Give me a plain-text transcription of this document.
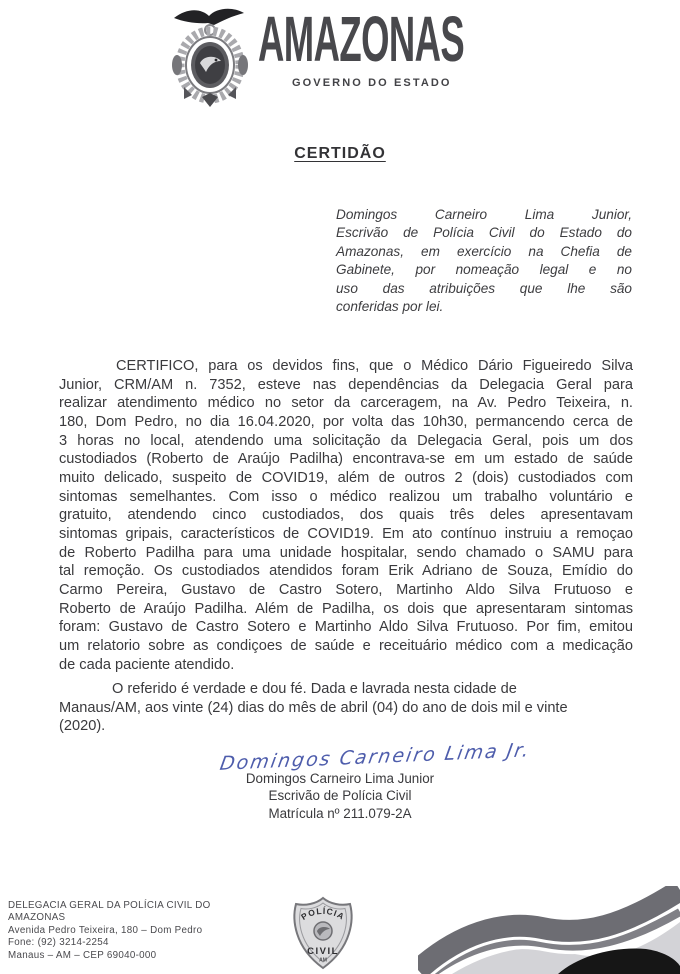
AMAZONAS
GOVERNO DO ESTADO
CERTIDÃO
Domingos Carneiro Lima Junior,
Escrivão de Polícia Civil do Estado do
Amazonas, em exercício na Chefia de
Gabinete, por nomeação legal e no
uso das atribuições que lhe são
conferidas por lei.
CERTIFICO, para os devidos fins, que o Médico Dário Figueiredo Silva
Junior, CRM/AM n. 7352, esteve nas dependências da Delegacia Geral para
realizar atendimento médico no setor da carceragem, na Av. Pedro Teixeira, n.
180, Dom Pedro, no dia 16.04.2020, por volta das 10h30, permancendo cerca de
3 horas no local, atendendo uma solicitação da Delegacia Geral, pois um dos
custodiados (Roberto de Araújo Padilha) encontrava-se em um estado de saúde
muito delicado, suspeito de COVID19, além de outros 2 (dois) custodiados com
sintomas semelhantes. Com isso o médico realizou um trabalho voluntário e
gratuito, atendendo cinco custodiados, dos quais três deles apresentavam
sintomas gripais, característicos de COVID19. Em ato contínuo instruiu a remoçao
de Roberto Padilha para uma unidade hospitalar, sendo chamado o SAMU para
tal remoção. Os custodiados atendidos foram Erik Adriano de Souza, Emídio do
Carmo Pereira, Gustavo de Castro Sotero, Martinho Aldo Silva Frutuoso e
Roberto de Araújo Padilha. Além de Padilha, os dois que apresentaram sintomas
foram: Gustavo de Castro Sotero e Martinho Aldo Silva Frutuoso. Por fim, emitou
um relatorio sobre as condiçoes de saúde e receituário médico com a medicação
de cada paciente atendido.
O referido é verdade e dou fé. Dada e lavrada nesta cidade de
Manaus/AM, aos vinte (24) dias do mês de abril (04) do ano de dois mil e vinte
(2020).
Domingos Carneiro Lima Jr.
Domingos Carneiro Lima Junior
Escrivão de Polícia Civil
Matrícula nº 211.079-2A
DELEGACIA GERAL DA POLÍCIA CIVIL DO
AMAZONAS
Avenida Pedro Teixeira, 180 – Dom Pedro
Fone: (92) 3214-2254
Manaus – AM – CEP 69040-000
POLÍCIA
CIVIL
AM
